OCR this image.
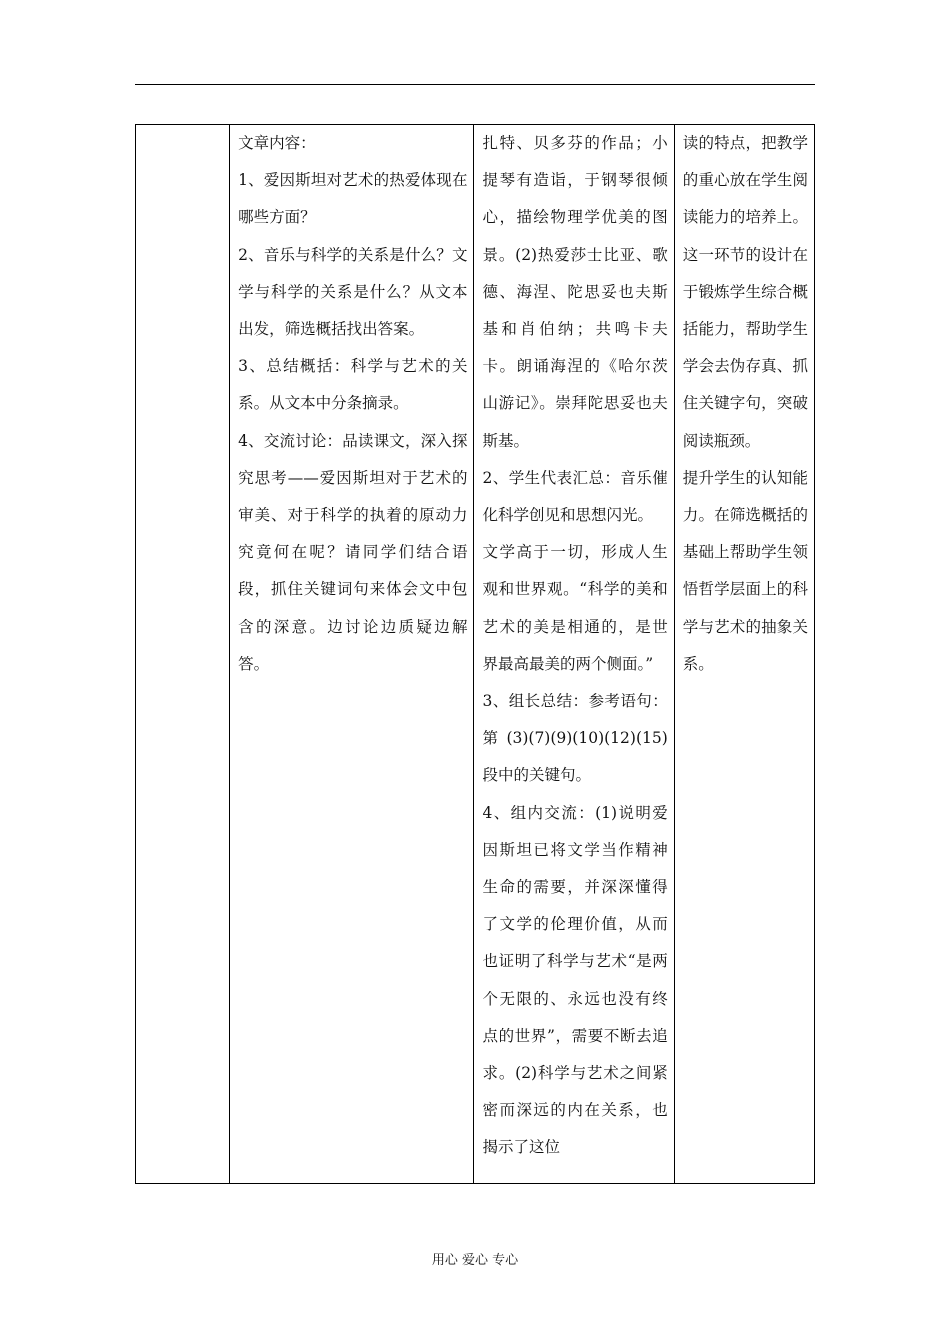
文章内容：
1、爱因斯坦对艺术的热爱体现在哪些方面？
2、音乐与科学的关系是什么？文学与科学的关系是什么？从文本出发，筛选概括找出答案。
3、总结概括：科学与艺术的关系。从文本中分条摘录。
4、交流讨论：品读课文，深入探究思考——爱因斯坦对于艺术的审美、对于科学的执着的原动力究竟何在呢？请同学们结合语段，抓住关键词句来体会文中包含的深意。边讨论边质疑边解答。

扎特、贝多芬的作品；小提琴有造诣，于钢琴很倾心，描绘物理学优美的图景。(2)热爱莎士比亚、歌德、海涅、陀思妥也夫斯基和肖伯纳；共鸣卡夫卡。朗诵海涅的《哈尔茨山游记》。崇拜陀思妥也夫斯基。
2、学生代表汇总：音乐催化科学创见和思想闪光。
文学高于一切，形成人生观和世界观。“科学的美和艺术的美是相通的，是世界最高最美的两个侧面。”
3、组长总结：参考语句：第(3)(7)(9)(10)(12)(15)段中的关键句。
4、组内交流：(1)说明爱因斯坦已将文学当作精神生命的需要，并深深懂得了文学的伦理价值，从而也证明了科学与艺术“是两个无限的、永远也没有终点的世界”，需要不断去追求。(2)科学与艺术之间紧密而深远的内在关系，也揭示了这位

读的特点，把教学的重心放在学生阅读能力的培养上。这一环节的设计在于锻炼学生综合概括能力，帮助学生学会去伪存真、抓住关键字句，突破阅读瓶颈。
提升学生的认知能力。在筛选概括的基础上帮助学生领悟哲学层面上的科学与艺术的抽象关系。
用心 爱心 专心
